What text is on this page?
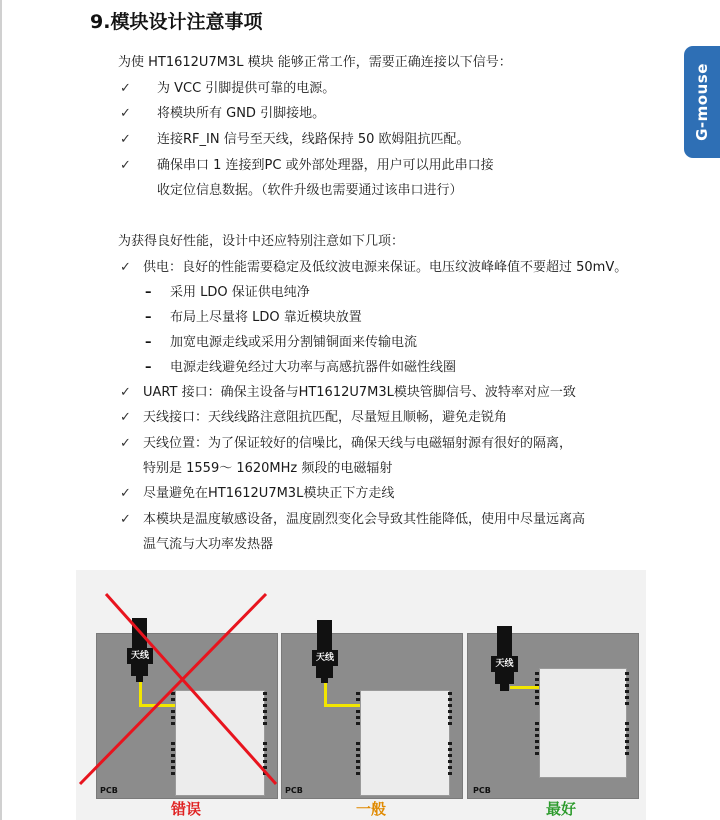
G-mouse
9.模块设计注意事项
为使 HT1612U7M3L 模块 能够正常工作，需要正确连接以下信号：
✓ 为 VCC 引脚提供可靠的电源。
✓ 将模块所有 GND 引脚接地。
✓ 连接RF_IN 信号至天线，线路保持 50 欧姆阻抗匹配。
✓ 确保串口 1 连接到PC 或外部处理器，用户可以用此串口接
收定位信息数据。（软件升级也需要通过该串口进行）
为获得良好性能，设计中还应特别注意如下几项：
✓ 供电：良好的性能需要稳定及低纹波电源来保证。电压纹波峰峰值不要超过 50mV。
– 采用 LDO 保证供电纯净
– 布局上尽量将 LDO 靠近模块放置
– 加宽电源走线或采用分割铺铜面来传输电流
– 电源走线避免经过大功率与高感抗器件如磁性线圈
✓ UART 接口：确保主设备与HT1612U7M3L模块管脚信号、波特率对应一致
✓ 天线接口：天线线路注意阻抗匹配，尽量短且顺畅，避免走锐角
✓ 天线位置：为了保证较好的信噪比，确保天线与电磁辐射源有很好的隔离，
特别是 1559～ 1620MHz 频段的电磁辐射
✓ 尽量避免在HT1612U7M3L模块正下方走线
✓ 本模块是温度敏感设备，温度剧烈变化会导致其性能降低，使用中尽量远离高
温气流与大功率发热器
PCB
天线
错误
PCB
天线
一般
PCB
天线
最好
